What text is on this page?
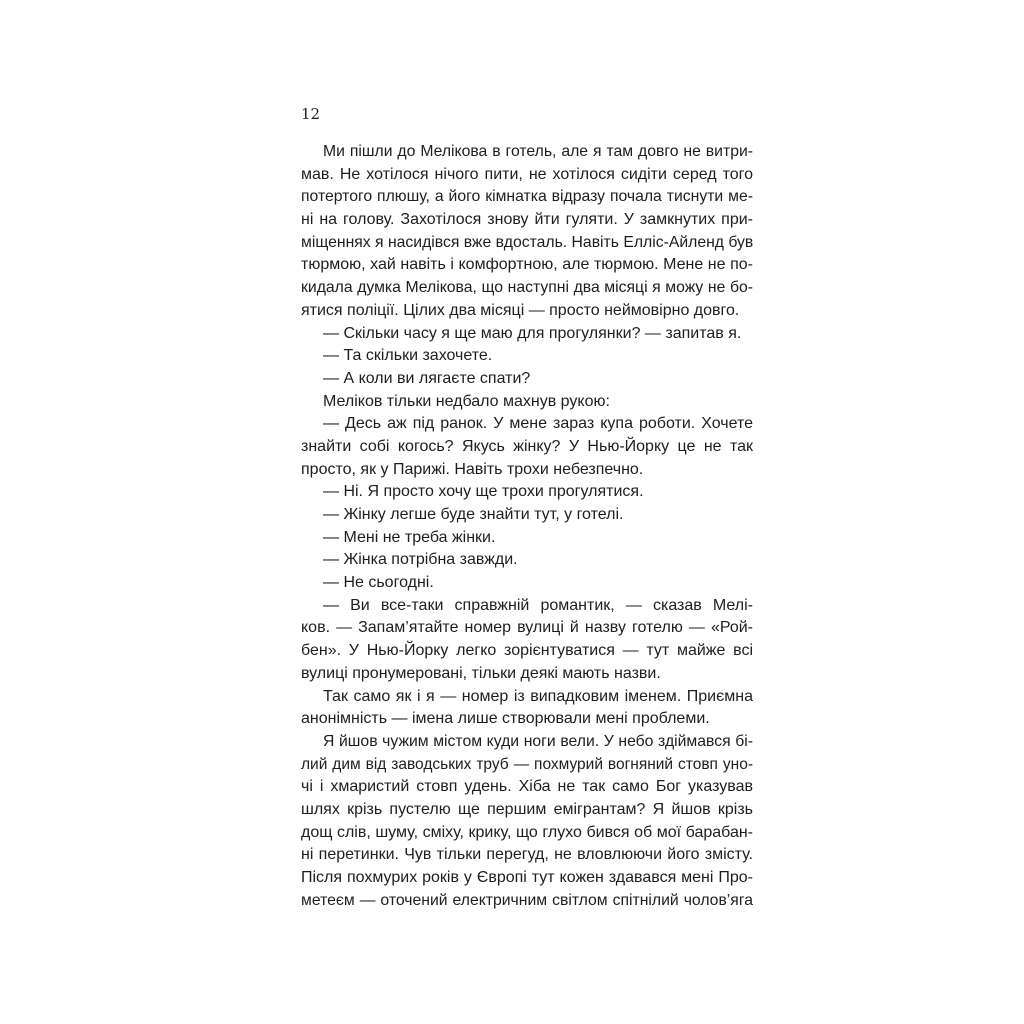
12
Ми пішли до Мелікова в готель, але я там довго не витри-
мав. Не хотілося нічого пити, не хотілося сидіти серед того
потертого плюшу, а його кімнатка відразу почала тиснути ме-
ні на голову. Захотілося знову йти гуляти. У замкнутих при-
міщеннях я насидівся вже вдосталь. Навіть Елліс-Айленд був
тюрмою, хай навіть і комфортною, але тюрмою. Мене не по-
кидала думка Мелікова, що наступні два місяці я можу не бо-
ятися поліції. Цілих два місяці — просто неймовірно довго.
— Скільки часу я ще маю для прогулянки? — запитав я.
— Та скільки захочете.
— А коли ви лягаєте спати?
Меліков тільки недбало махнув рукою:
— Десь аж під ранок. У мене зараз купа роботи. Хочете
знайти собі когось? Якусь жінку? У Нью-Йорку це не так
просто, як у Парижі. Навіть трохи небезпечно.
— Ні. Я просто хочу ще трохи прогулятися.
— Жінку легше буде знайти тут, у готелі.
— Мені не треба жінки.
— Жінка потрібна завжди.
— Не сьогодні.
— Ви все-таки справжній романтик, — сказав Мелі-
ков. — Запам’ятайте номер вулиці й назву готелю — «Рой-
бен». У Нью-Йорку легко зорієнтуватися — тут майже всі
вулиці пронумеровані, тільки деякі мають назви.
Так само як і я — номер із випадковим іменем. Приємна
анонімність — імена лише створювали мені проблеми.
Я йшов чужим містом куди ноги вели. У небо здіймався бі-
лий дим від заводських труб — похмурий вогняний стовп уно-
чі і хмаристий стовп удень. Хіба не так само Бог указував
шлях крізь пустелю ще першим емігрантам? Я йшов крізь
дощ слів, шуму, сміху, крику, що глухо бився об мої барабан-
ні перетинки. Чув тільки перегуд, не вловлюючи його змісту.
Після похмурих років у Європі тут кожен здавався мені Про-
метеєм — оточений електричним світлом спітнілий чолов’яга
